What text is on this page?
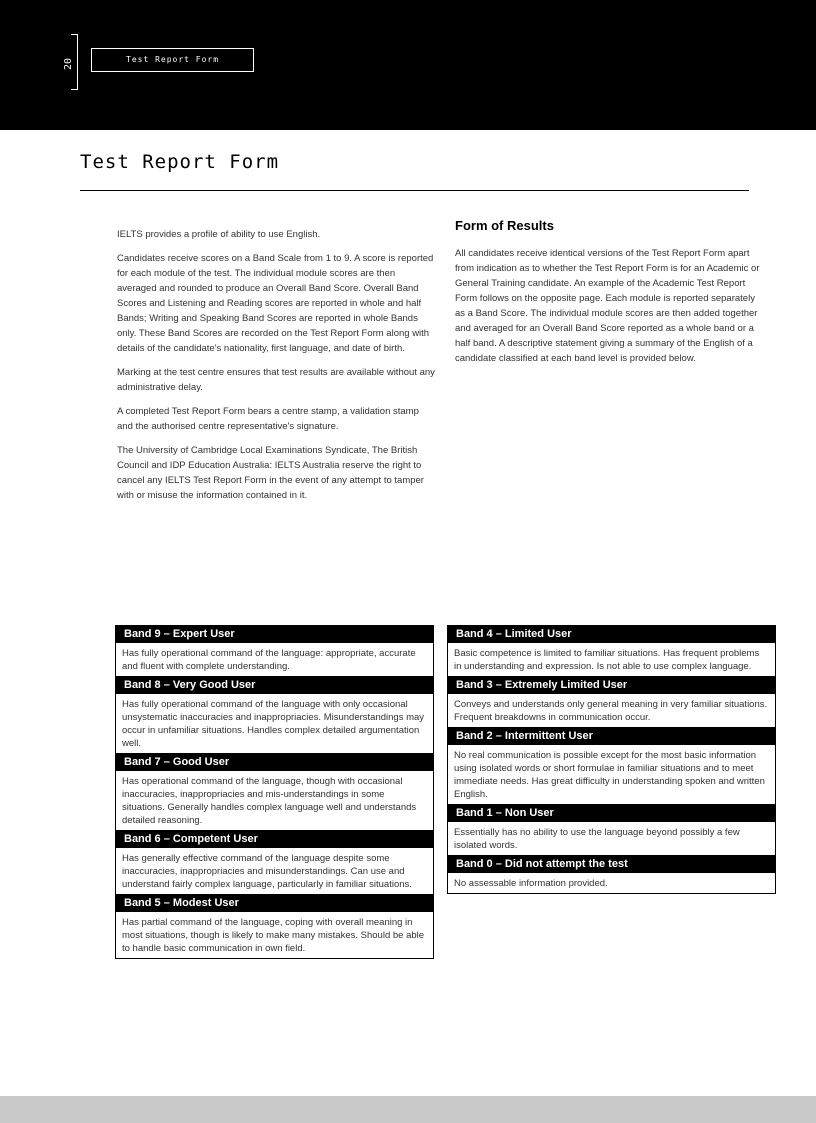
20	Test Report Form
Test Report Form

IELTS provides a profile of ability to use English.

Candidates receive scores on a Band Scale from 1 to 9. A score is reported for each module of the test. The individual module scores are then averaged and rounded to produce an Overall Band Score. Overall Band Scores and Listening and Reading scores are reported in whole and half Bands; Writing and Speaking Band Scores are reported in whole Bands only. These Band Scores are recorded on the Test Report Form along with details of the candidate's nationality, first language, and date of birth.

Marking at the test centre ensures that test results are available without any administrative delay.

A completed Test Report Form bears a centre stamp, a validation stamp and the authorised centre representative's signature.

The University of Cambridge Local Examinations Syndicate, The British Council and IDP Education Australia: IELTS Australia reserve the right to cancel any IELTS Test Report Form in the event of any attempt to tamper with or misuse the information contained in it.

Form of Results

All candidates receive identical versions of the Test Report Form apart from indication as to whether the Test Report Form is for an Academic or General Training candidate. An example of the Academic Test Report Form follows on the opposite page. Each module is reported separately as a Band Score. The individual module scores are then added together and averaged for an Overall Band Score reported as a whole band or a half band. A descriptive statement giving a summary of the English of a candidate classified at each band level is provided below.

Band 9 – Expert User
Has fully operational command of the language: appropriate, accurate and fluent with complete understanding.
Band 8 – Very Good User
Has fully operational command of the language with only occasional unsystematic inaccuracies and inappropriacies. Misunderstandings may occur in unfamiliar situations. Handles complex detailed argumentation well.
Band 7 – Good User
Has operational command of the language, though with occasional inaccuracies, inappropriacies and mis-understandings in some situations. Generally handles complex language well and understands detailed reasoning.
Band 6 – Competent User
Has generally effective command of the language despite some inaccuracies, inappropriacies and misunderstandings. Can use and understand fairly complex language, particularly in familiar situations.
Band 5 – Modest User
Has partial command of the language, coping with overall meaning in most situations, though is likely to make many mistakes. Should be able to handle basic communication in own field.
Band 4 – Limited User
Basic competence is limited to familiar situations. Has frequent problems in understanding and expression. Is not able to use complex language.
Band 3 – Extremely Limited User
Conveys and understands only general meaning in very familiar situations. Frequent breakdowns in communication occur.
Band 2 – Intermittent User
No real communication is possible except for the most basic information using isolated words or short formulae in familiar situations and to meet immediate needs. Has great difficulty in understanding spoken and written English.
Band 1 – Non User
Essentially has no ability to use the language beyond possibly a few isolated words.
Band 0 – Did not attempt the test
No assessable information provided.
